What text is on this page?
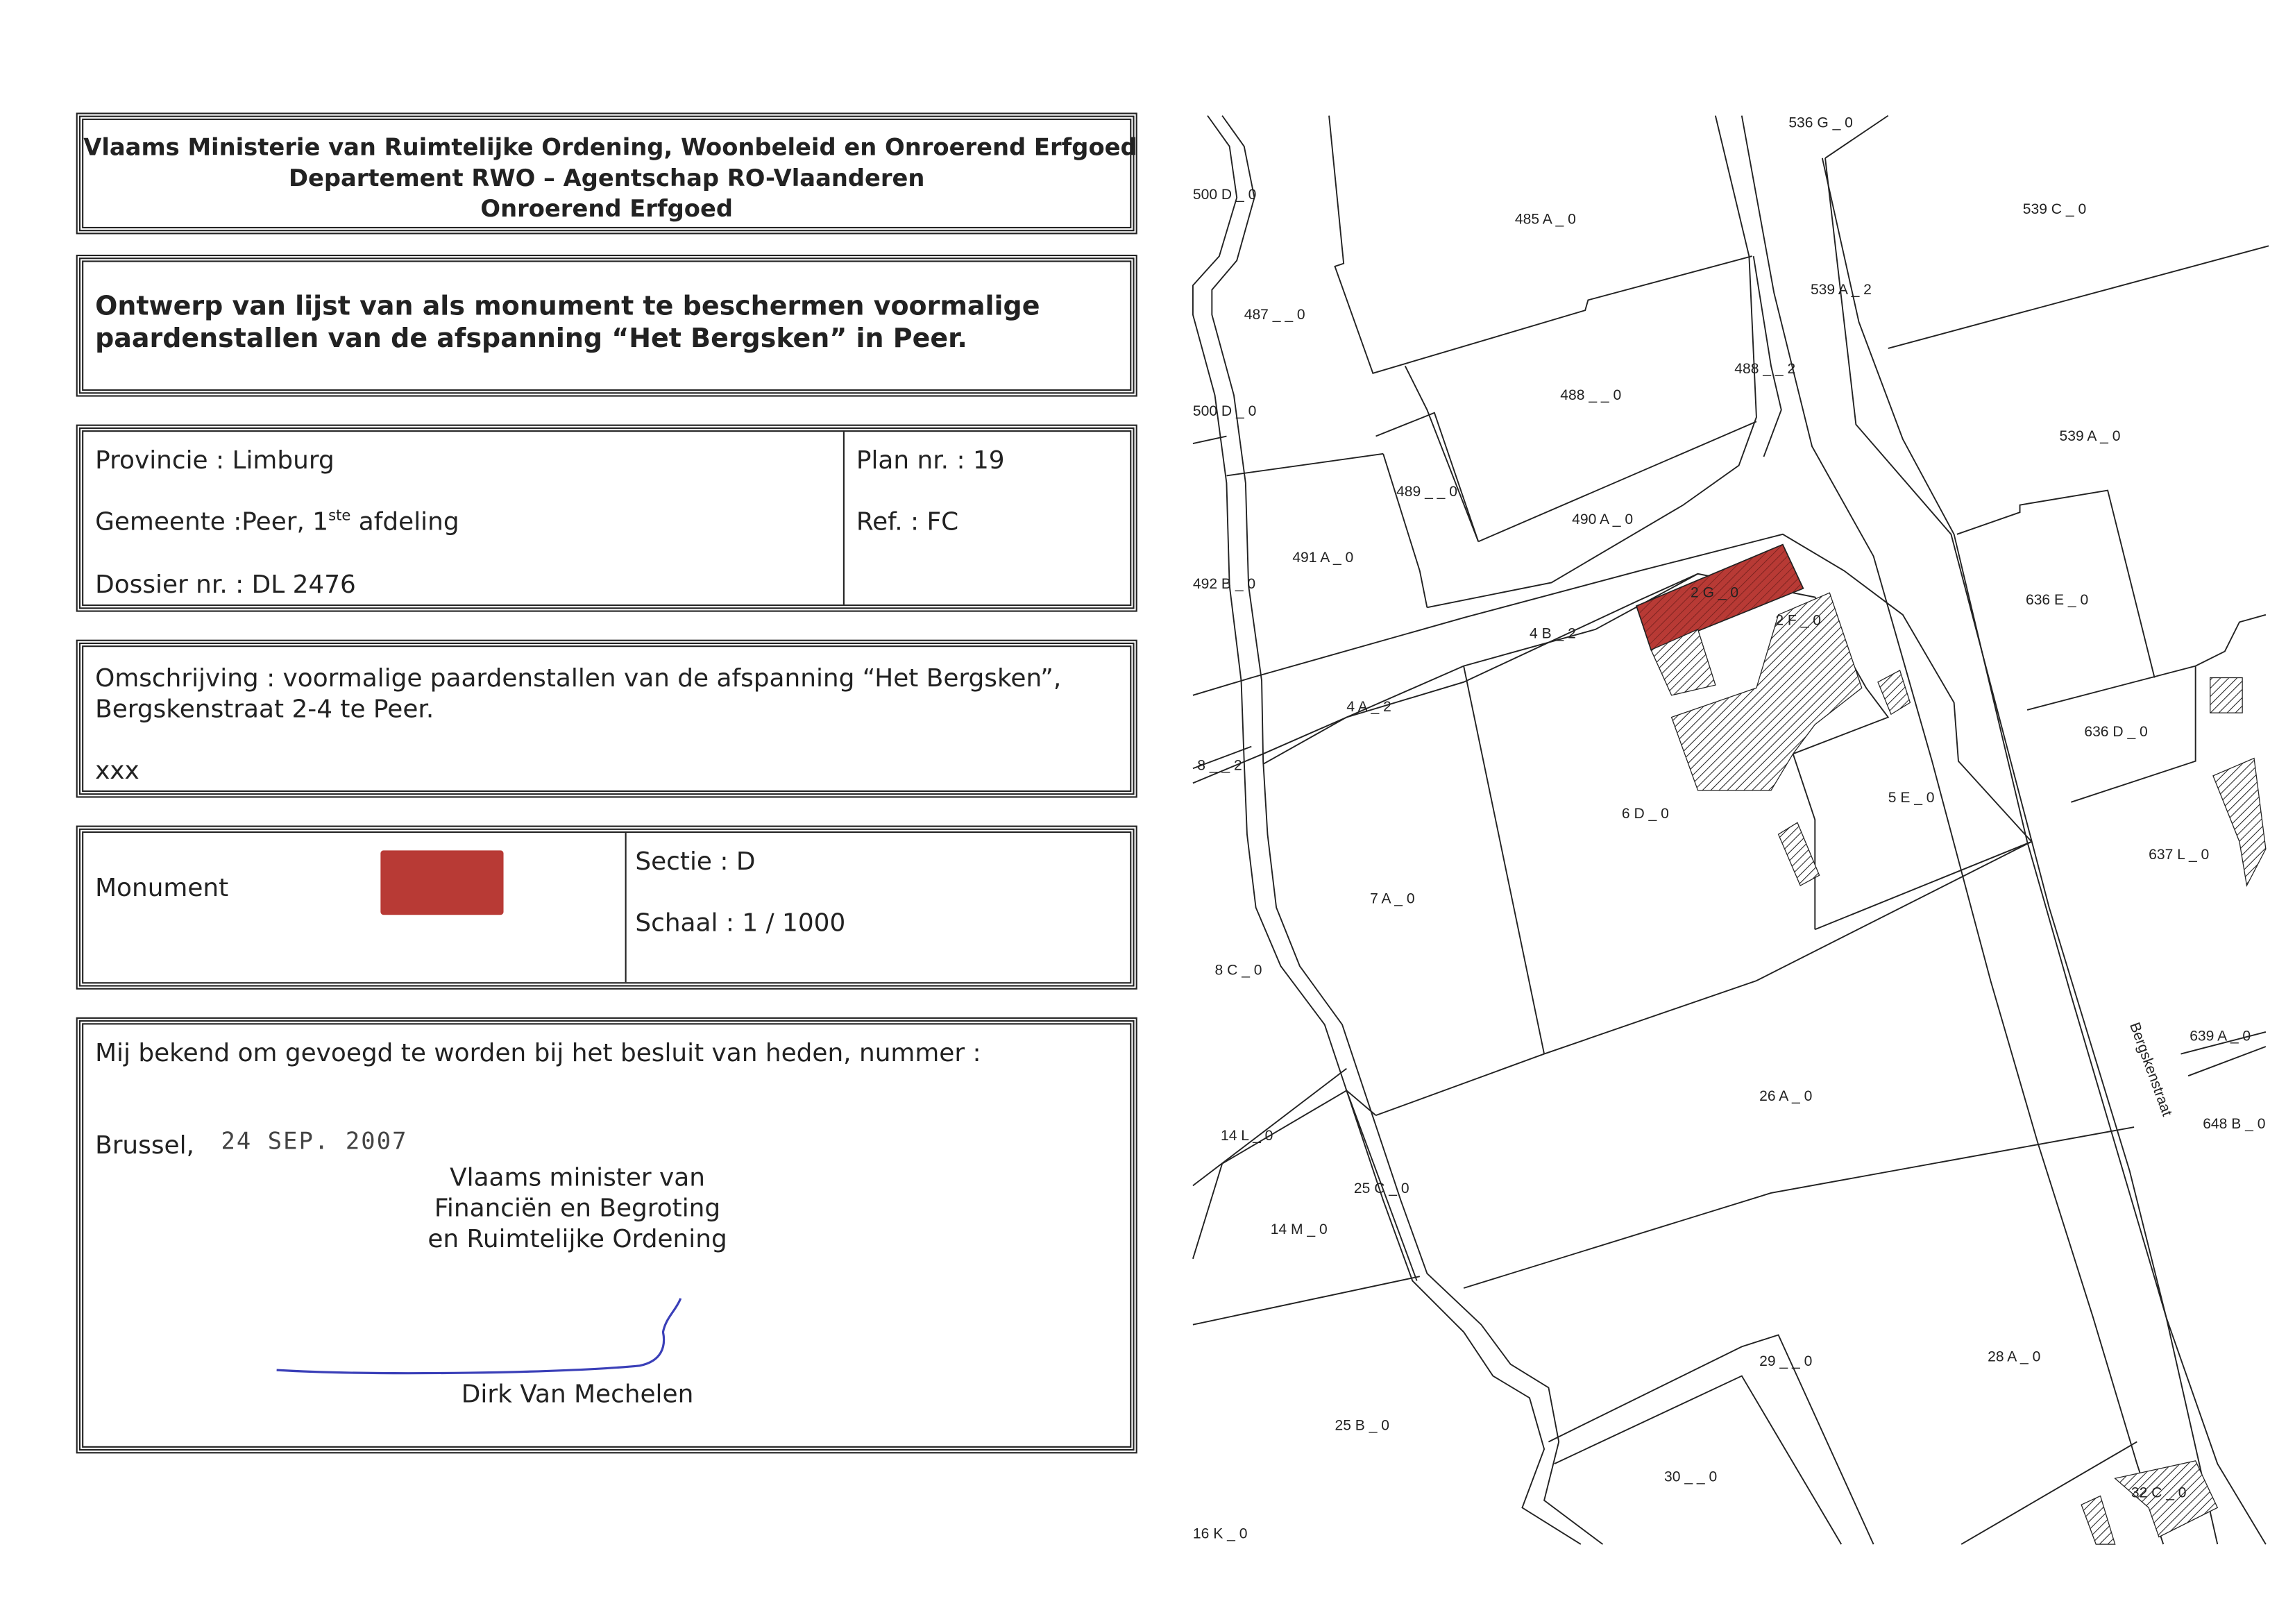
Vlaams Ministerie van Ruimtelijke Ordening, Woonbeleid en Onroerend Erfgoed
Departement RWO – Agentschap RO-Vlaanderen
Onroerend Erfgoed
Ontwerp van lijst van als monument te beschermen voormalige
paardenstallen van de afspanning “Het Bergsken” in Peer.
Provincie : Limburg
Gemeente :Peer, 1ste afdeling
Dossier nr. : DL 2476
Plan nr. : 19
Ref. : FC
Omschrijving : voormalige paardenstallen van de afspanning “Het Bergsken”,
Bergskenstraat 2-4 te Peer.
xxx
Monument
Sectie : D
Schaal : 1 / 1000
Mij bekend om gevoegd te worden bij het besluit van heden, nummer :
Brussel, 24 SEP. 2007
Vlaams minister van
Financiën en Begroting
en Ruimtelijke Ordening
Dirk Van Mechelen
536 G _ 0
500 D _ 0
485 A _ 0
539 C _ 0
487 _ _ 0
539 A _ 2
488 _ _ 2
488 _ _ 0
500 D _ 0
539 A _ 0
489 _ _ 0
490 A _ 0
491 A _ 0
492 B _ 0
2 G _ 0
4 B _ 2
2 F _ 0
636 E _ 0
4 A _ 2
636 D _ 0
8 _ _ 2
6 D _ 0
5 E _ 0
637 L _ 0
7 A _ 0
8 C _ 0
639 A _ 0
26 A _ 0
648 B _ 0
14 L _ 0
25 C _ 0
14 M _ 0
28 A _ 0
29 _ _ 0
25 B _ 0
30 _ _ 0
32 C _ 0
16 K _ 0
Bergskenstraat
